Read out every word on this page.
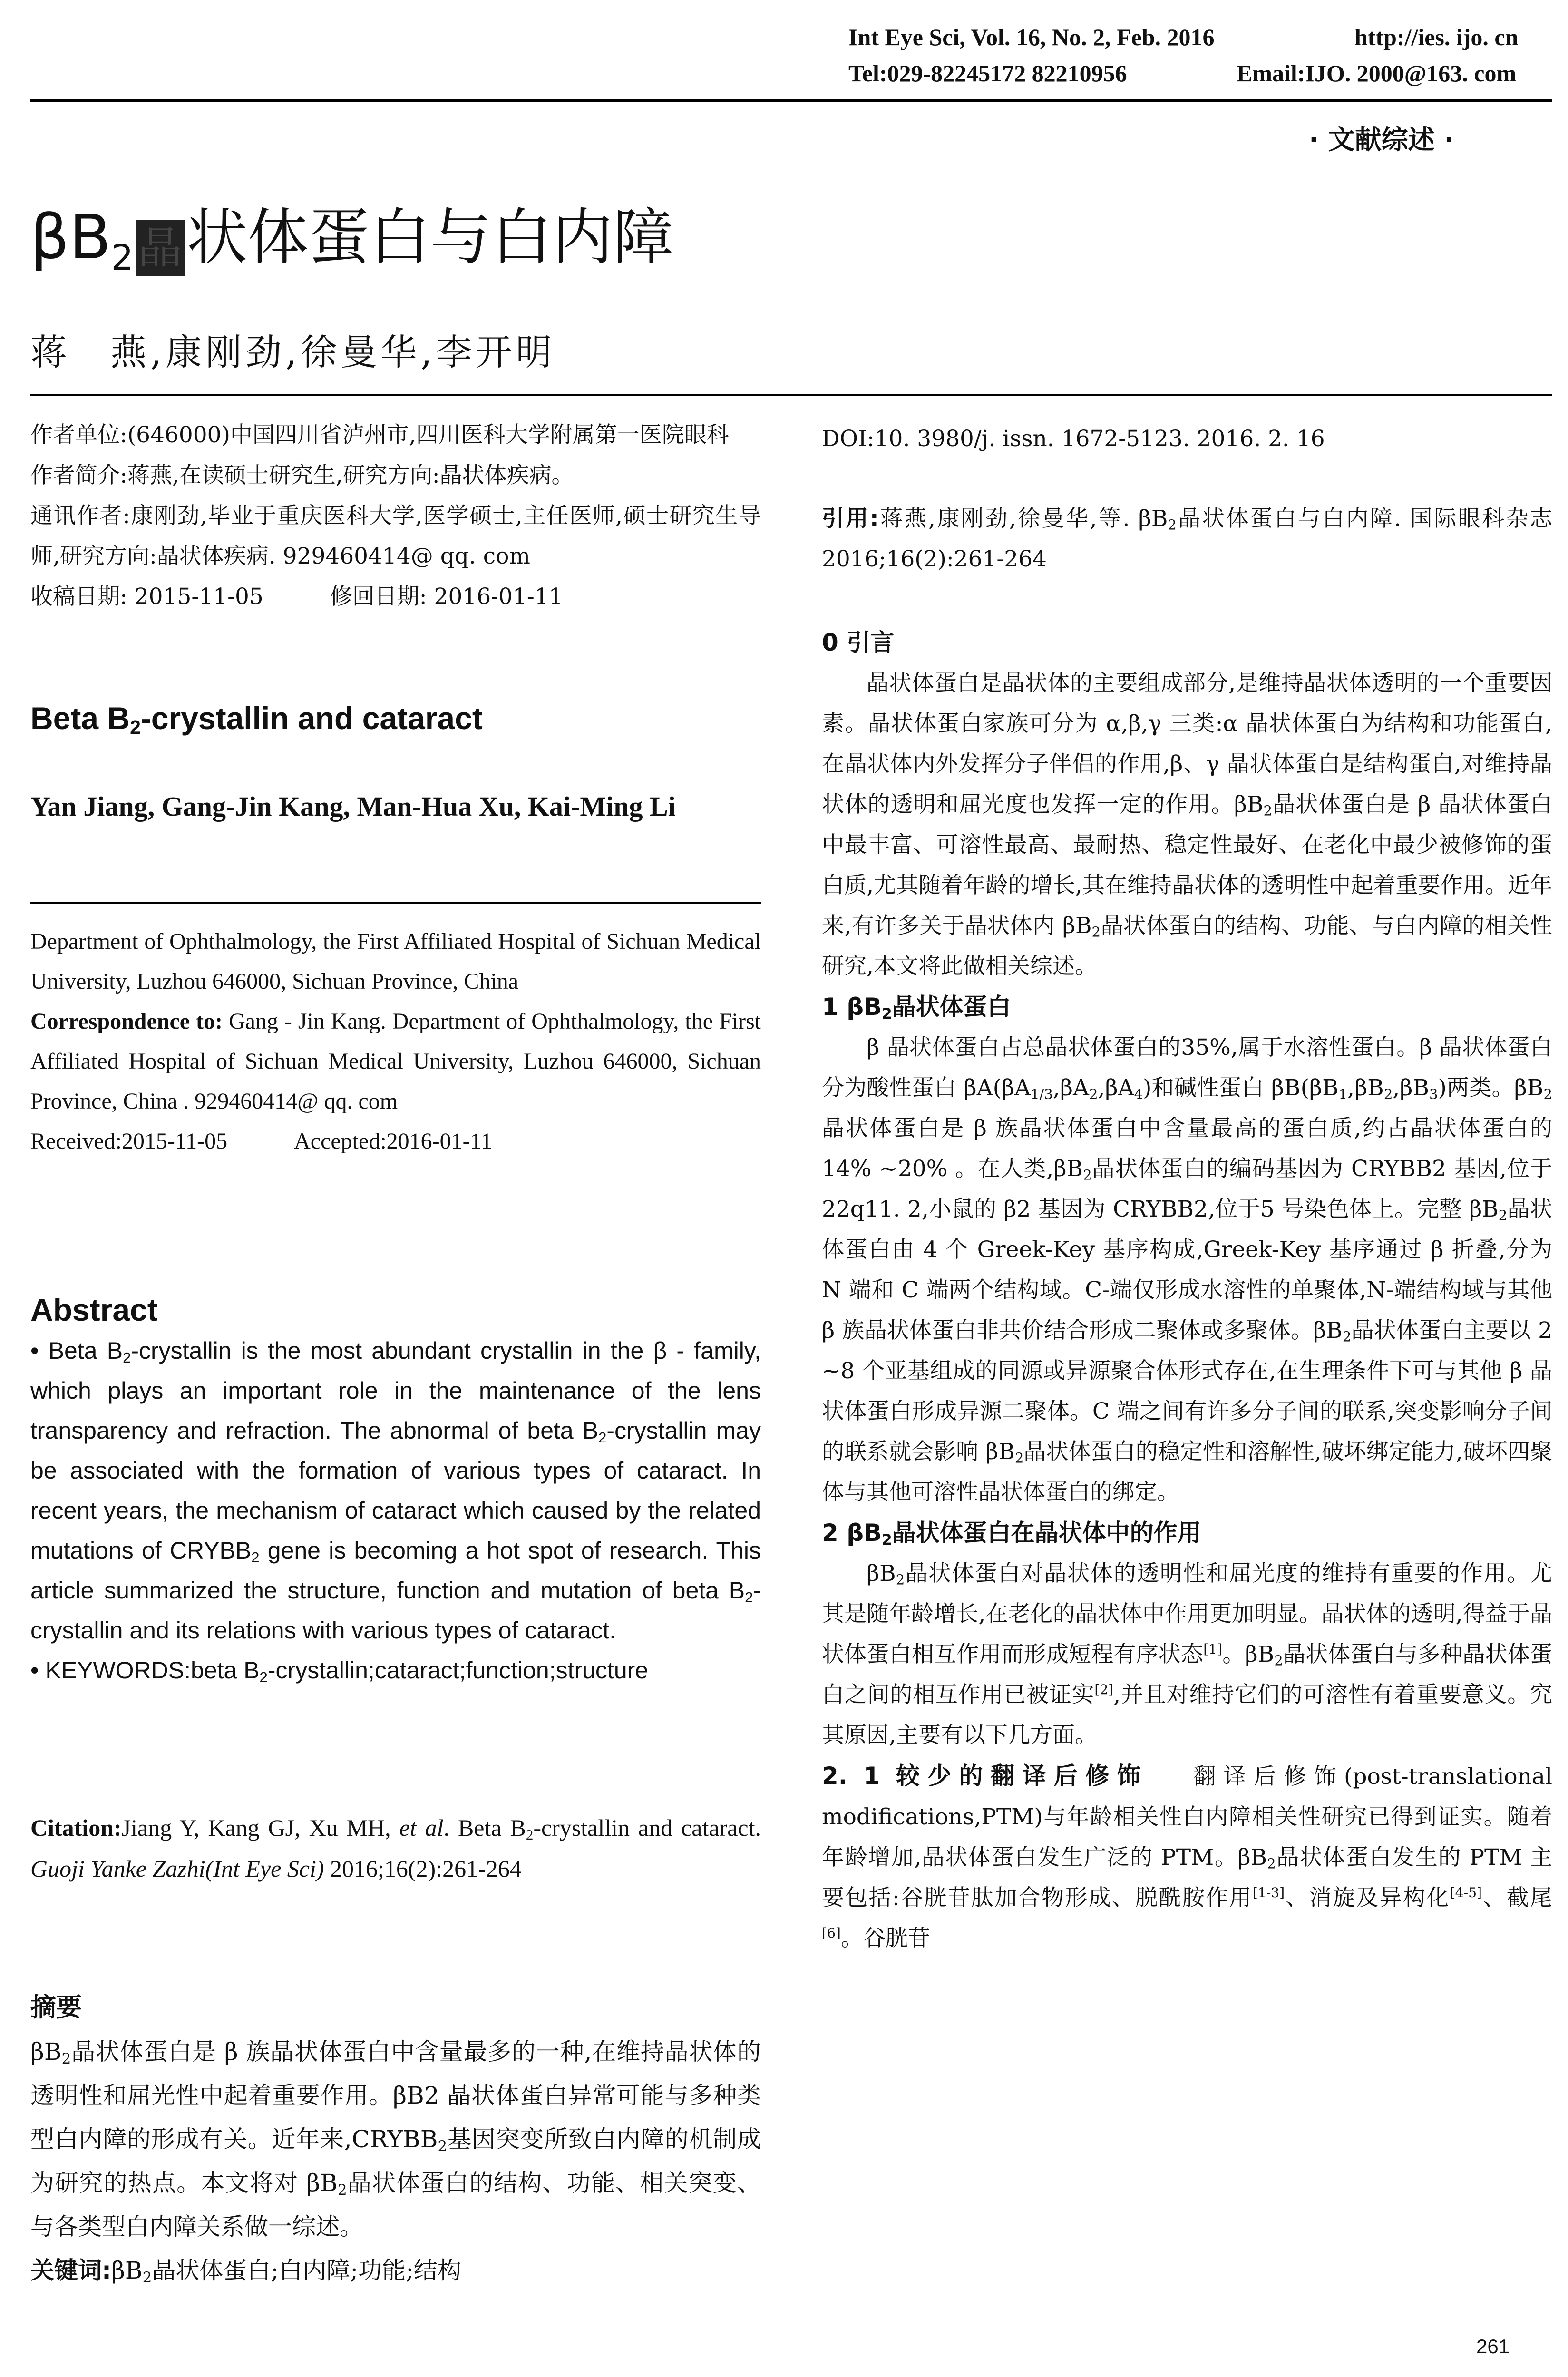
Int Eye Sci, Vol. 16, No. 2, Feb. 2016	http://ies. ijo. cn
Tel:029-82245172 82210956	Email:IJO. 2000@163. com
· 文献综述 ·
$\beta B_2$ 晶状体蛋白与白内障
蒋　燕,康刚劲,徐曼华,李开明

作者单位:(646000)中国四川省泸州市,四川医科大学附属第一医院眼科

作者简介:蒋燕,在读硕士研究生,研究方向:晶状体疾病。

通讯作者:康刚劲,毕业于重庆医科大学,医学硕士,主任医师,硕士研究生导师,研究方向:晶状体疾病. 929460414@ qq. com

收稿日期: 2015-11-05	修回日期: 2016-01-11

Beta $B_2$-crystallin and cataract

Yan Jiang, Gang-Jin Kang, Man-Hua Xu, Kai-Ming Li

Department of Ophthalmology, the First Affiliated Hospital of Sichuan Medical University, Luzhou 646000, Sichuan Province, China

Correspondence to: Gang - Jin Kang. Department of Ophthalmology, the First Affiliated Hospital of Sichuan Medical University, Luzhou 646000, Sichuan Province, China . 929460414@ qq. com

Received:2015-11-05	Accepted:2016-01-11

Abstract

• Beta $B_2$-crystallin is the most abundant crystallin in the β - family, which plays an important role in the maintenance of the lens transparency and refraction. The abnormal of beta $B_2$-crystallin may be associated with the formation of various types of cataract. In recent years, the mechanism of cataract which caused by the related mutations of $CRYBB_2$ gene is becoming a hot spot of research. This article summarized the structure, function and mutation of beta $B_2$-crystallin and its relations with various types of cataract.

• KEYWORDS:beta $B_2-crystallin;cataract;function;structure$

Citation:Jiang Y, Kang GJ, Xu MH, et al. Beta $B_2$-crystallin and cataract. Guoji Yanke Zazhi(Int Eye Sci) 2016;16(2):261-264

摘要

$\beta B_2$晶状体蛋白是 β 族晶状体蛋白中含量最多的一种,在维持晶状体的透明性和屈光性中起着重要作用。βB2 晶状体蛋白异常可能与多种类型白内障的形成有关。近年来$,CRYBB_2$基因突变所致白内障的机制成为研究的热点。本文将对 $\beta B_2$晶状体蛋白的结构、功能、相关突变、与各类型白内障关系做一综述。

关键词$:\beta B_2$晶状体蛋白;白内障;功能;结构

DOI:10. 3980/j. issn. 1672-5123. 2016. 2. 16

引用:蒋燕,康刚劲,徐曼华,等. $\beta B_2$晶状体蛋白与白内障. 国际眼科杂志 2016;16(2):261-264

0 引言

晶状体蛋白是晶状体的主要组成部分,是维持晶状体透明的一个重要因素。晶状体蛋白家族可分为 α,β,γ 三类:α 晶状体蛋白为结构和功能蛋白,在晶状体内外发挥分子伴侣的作用,β、γ 晶状体蛋白是结构蛋白,对维持晶状体的透明和屈光度也发挥一定的作用。$\beta B_2$晶状体蛋白是 β 晶状体蛋白中最丰富、可溶性最高、最耐热、稳定性最好、在老化中最少被修饰的蛋白质,尤其随着年龄的增长,其在维持晶状体的透明性中起着重要作用。近年来,有许多关于晶状体内 $\beta B_2$晶状体蛋白的结构、功能、与白内障的相关性研究,本文将此做相关综述。

1 $\beta B_2$晶状体蛋白

β 晶状体蛋白占总晶状体蛋白的35%,属于水溶性蛋白。β 晶状体蛋白分为酸性蛋白 $\beta A(\beta A_{1/3},\beta A_2,\beta A_4)$和碱性蛋白 $\beta B(\beta B_1,\beta B_2,\beta B_3)$两类。$\beta B_2$晶状体蛋白是 β 族晶状体蛋白中含量最高的蛋白质,约占晶状体蛋白的 14% ~20% 。在人类$,\beta B_2$晶状体蛋白的编码基因为 CRYBB2 基因,位于22q11. 2,小鼠的 β2 基因为 CRYBB2,位于5 号染色体上。完整 $\beta B_2$晶状体蛋白由 4 个 Greek-Key 基序构成,Greek-Key 基序通过 β 折叠,分为 N 端和 C 端两个结构域。C-端仅形成水溶性的单聚体,N-端结构域与其他 β 族晶状体蛋白非共价结合形成二聚体或多聚体。$\beta B_2$晶状体蛋白主要以 2 ~8 个亚基组成的同源或异源聚合体形式存在,在生理条件下可与其他 β 晶状体蛋白形成异源二聚体。C 端之间有许多分子间的联系,突变影响分子间的联系就会影响 $\beta B_2$晶状体蛋白的稳定性和溶解性,破坏绑定能力,破坏四聚体与其他可溶性晶状体蛋白的绑定。

2 $\beta B_2$晶状体蛋白在晶状体中的作用

$\beta B_2$晶状体蛋白对晶状体的透明性和屈光度的维持有重要的作用。尤其是随年龄增长,在老化的晶状体中作用更加明显。晶状体的透明,得益于晶状体蛋白相互作用而形成短程有序状态[1]。$\beta B_2$晶状体蛋白与多种晶状体蛋白之间的相互作用已被证实[2],并且对维持它们的可溶性有着重要意义。究其原因,主要有以下几方面。

2. 1 较少的翻译后修饰　 翻译后修饰(post-translational modifications,PTM)与年龄相关性白内障相关性研究已得到证实。随着年龄增加,晶状体蛋白发生广泛的 PTM。$\beta B_2$晶状体蛋白发生的 PTM 主要包括:谷胱苷肽加合物形成、脱酰胺作用[1-3]、消旋及异构化[4-5]、截尾[6]。谷胱苷

261
